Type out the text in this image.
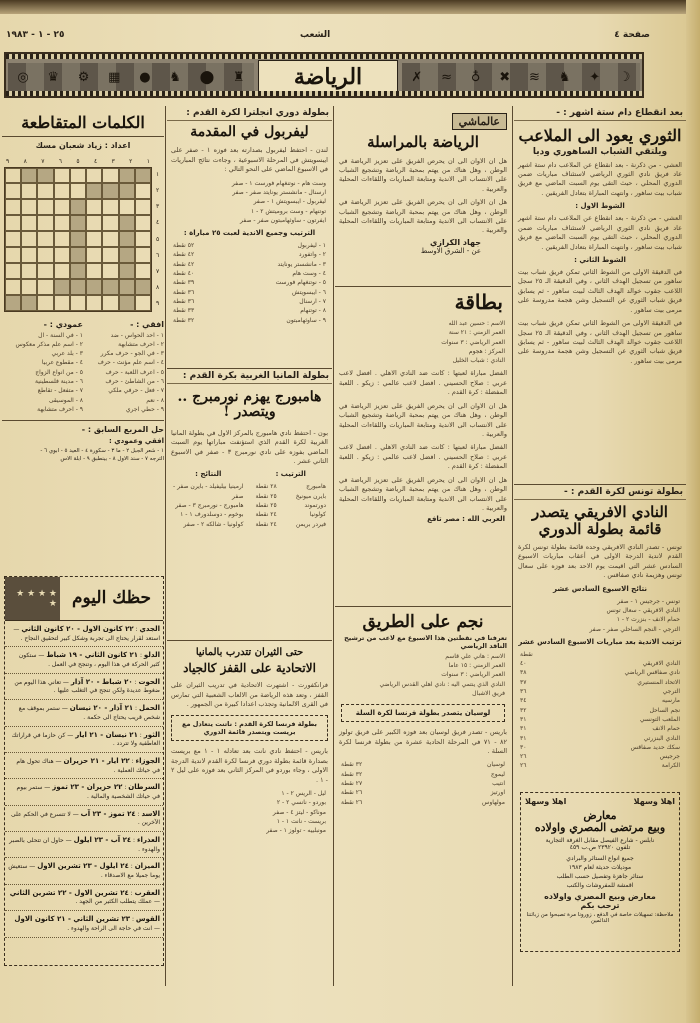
صفحة ٤
الشعب
٢٥ - ١ - ١٩٨٣
◎ ♛ ⚙ ▦ ● ♞ ⬤ ♜	الرياضة	✗ ≈ ♁ ✖ ≋ ♞ ✦ ☽
بعد انقطاع دام ستة اشهر : -
الثوري يعود الى الملاعب
ويلتقي الشباب الساهوري وديا
العشي - من ذكرنة - بعد انقطاع عن الملاعب دام ستة اشهر عاد فريق نادي الثوري الرياضي لاستئناف مباريات ضمن الدوري المحلي ، حيث التقى يوم السبت الماضي مع فريق شباب بيت ساهور ، وانتهت المباراة بتعادل الفريقين .
الشوط الاول :
العشي - من ذكرنة - بعد انقطاع عن الملاعب دام ستة اشهر عاد فريق نادي الثوري الرياضي لاستئناف مباريات ضمن الدوري المحلي ، حيث التقى يوم السبت الماضي مع فريق شباب بيت ساهور ، وانتهت المباراة بتعادل الفريقين .
الشوط الثاني :
في الدقيقة الاولى من الشوط الثاني تمكن فريق شباب بيت ساهور من تسجيل الهدف الثاني ، وفي الدقيقة الـ ٢٥ سجل اللاعب جقوب خوالد الهدف الثالث لبيت ساهور - ثم يسابق فريق شباب الثوري عن التسجيل وشن هجمة مدروسة على مرمى بيت ساهور .
في الدقيقة الاولى من الشوط الثاني تمكن فريق شباب بيت ساهور من تسجيل الهدف الثاني ، وفي الدقيقة الـ ٢٥ سجل اللاعب جقوب خوالد الهدف الثالث لبيت ساهور - ثم يسابق فريق شباب الثوري عن التسجيل وشن هجمة مدروسة على مرمى بيت ساهور .
بطولة تونس لكرة القدم : -
النادي الافريقي يتصدر قائمة بطولة الدوري
تونس - تصدر النادي الافريقي وحده قائمة بطولة تونس لكرة القدم لاندية الدرجة الاولى في أعقاب مباريات الاسبوع السادس عشر التي اقيمت يوم الاحد بعد فوزه على سعال تونس وهزيمة نادي صفاقس .
نتائج الاسبوع السادس عشر
تونس - جرجيس ١ - صفر
النادي الافريقي - سعال تونس
حمام الانف - بنزرت ٢ - ١
الترجي - النجم الساحلي صفر - صفر
ترتيب الاندية بعد مباريات الاسبوع السادس عشر
نقطة
النادي الافريقي
٤٠
نادي صفاقس الرياضي
٣٨
الاتحاد المنستيري
٣٧
الترجي
٣٦
مارسيه
٣٤
نجم الساحل
٣٢
الملعب التونسي
٣١
حمام الانف
٣١
النادي البنزرتي
٣١
سكك حديد صفاقس
٣٠
جرجيس
٢٦
الكرامة
٢٦
اهلا وسهلا
اهلا وسهلا
معارض
وبيع مرتضى المصري واولاده
نابلس - شارع الفيصل مقابل الغرفة التجارية
تلفون ٢٣٩٢٠ ص.ب ٤٥٩
جميع انواع الستائر والبرادي
موديلات حديثة لعام ١٩٨٣
ستائر جاهزة وتفصيل حسب الطلب
اقمشة للمفروشات والكنب
معارض وبيع المصري واولاده
ترحب بكم
ملاحظة: تسهيلات خاصة في الدفع ، زورونا مرة تصبحوا من زبائننا الدائمين
عالماشي
الرياضة بالمراسلة
هل ان الاوان الى ان يحرص الفريق على تعزيز الرياضة في الوطن ، وهل هناك من يهتم بمحبة الرياضة وتشجيع الشباب على الانتساب الى الاندية ومتابعة المباريات واللقاءات المحلية والعربية .
هل ان الاوان الى ان يحرص الفريق على تعزيز الرياضة في الوطن ، وهل هناك من يهتم بمحبة الرياضة وتشجيع الشباب على الانتساب الى الاندية ومتابعة المباريات واللقاءات المحلية والعربية .
جهاد الكرازي
عن - الشرق الاوسط
بطاقة
الاسم : حسين عبد الله
العمر الزمني : ٢١ سنة
العمر الرياضي : ٣ سنوات
المركز : هجوم
النادي : شباب الخليل
الفضل مباراة لعبتها : كانت ضد النادي الاهلي . افضل لاعب عربي : صلاح الحسيني . افضل لاعب عالمي : زيكو . اللعبة المفضلة : كرة القدم .
هل ان الاوان الى ان يحرص الفريق على تعزيز الرياضة في الوطن ، وهل هناك من يهتم بمحبة الرياضة وتشجيع الشباب على الانتساب الى الاندية ومتابعة المباريات واللقاءات المحلية والعربية .
الفضل مباراة لعبتها : كانت ضد النادي الاهلي . افضل لاعب عربي : صلاح الحسيني . افضل لاعب عالمي : زيكو . اللعبة المفضلة : كرة القدم .
هل ان الاوان الى ان يحرص الفريق على تعزيز الرياضة في الوطن ، وهل هناك من يهتم بمحبة الرياضة وتشجيع الشباب على الانتساب الى الاندية ومتابعة المباريات واللقاءات المحلية والعربية .
العربي الله : مصر تافع
نجم على الطريق
تعرفنا في نقطتين هذا الاسبوع مع لاعب من ترشيح الناقد الرياضي
الاسم : هاني علي قاسم
العمر الزمني : ١٥ عاما
العمر الرياضي : ٣ سنوات
النادي الذي ينتمي اليه : نادي اهلي القدس الرياضي
فريق الاشبال
لوسيان يتصدر بطولة فرنسا لكرة السلة
باريس - تصدر فريق لوسيان بعد فوزه الكبير على فريق تولوز ٨٢ - ٧١ في المرحلة الحادية عشرة من بطولة فرنسا لكرة السلة .
لوسيان
٣٢ نقطة
ليموج
٣٢ نقطة
انتيب
٢٧ نقطة
اورتيز
٢٦ نقطة
مولهاوس
٢٦ نقطة
بطولة دوري انجلترا لكرة القدم :
ليفربول في المقدمة
لندن - احتفظ ليفربول بصدارته بعد فوزه ١ - صفر على ايبسويتش في المرحلة الاسبوعية ، وجاءت نتائج المباريات في الاسبوع الماضي على النحو التالي :
وست هام - نوتنغهام فورست ١ - صفر
ارسنال - مانشستر يونايتد صفر - صفر
ليفربول - ايبسويتش ١ - صفر
توتنهام - وست بروميتش ٢ - ١
ايفرتون - ساوثهامبتون صفر - صفر
الترتيب وجميع الاندية لعبت ٢٥ مباراة :
١ - ليفربول
٥٢ نقطة
٢ - واتفورد
٤٢ نقطة
٣ - مانشستر يونايتد
٤٢ نقطة
٤ - وست هام
٤٠ نقطة
٥ - نوتنغهام فورست
٣٩ نقطة
٦ - ايبسويتش
٣٦ نقطة
٧ - ارسنال
٣٦ نقطة
٨ - توتنهام
٣٣ نقطة
٩ - ساوثهامبتون
٣٢ نقطة
بطولة المانيا الغربية بكرة القدم :
هامبورج يهزم نورمبرج .. ويتصدر !
بون - احتفظ نادي هامبورج بالمركز الاول في بطولة المانيا الغربية لكرة القدم الذي استؤنفت مباراتها يوم السبت الماضي بفوزه على نادي نورمبرج ٣ - صفر في الاسبوع الثاني عشر .
الترتيب :
هامبورج
٢٨ نقطة
بايرن ميونيخ
٢٥ نقطة
دورتموند
٢٥ نقطة
كولونيا
٢٤ نقطة
فيردر بريمن
٢٤ نقطة
النتائج :
ارمينيا بيليفيلد - بايرن صفر - صفر
هامبورج - نورمبرج ٣ - صفر
بوخوم - دوسلدورف ١ - ١
كولونيا - شالكه ٢ - صفر
حتى الثيران تتدرب بالمانيا
الاتحادية على القفز كالجياد
فرانكفورت - اشتهرت الاتحادية في تدريب الثيران على القفز ، وتعد هذه الرياضة من الالعاب الشعبية التي تمارس في القرى الالمانية وتجذب اعدادا كبيرة من الجمهور .
بطولة فرنسا لكرة القدم : ناتنت يتعادل مع بريست ويتصدر قائمة الدوري
باريس - احتفظ نادي نانت بعد تعادله ١ - ١ مع بريست بصدارة قائمة بطولة دوري فرنسا لكرة القدم لاندية الدرجة الاولى ، وجاء بوردو في المركز الثاني بعد فوزه على ليل ٢ - ١ .
ليل - الريس ٢ - ١
بوردو - نانسي ٢ - ٢
موناكو - ليتز ٤ - صفر
بريست - نانت ١ - ١
مونبلييه - تولوز ١ - صفر
الكلمات المتقاطعة
اعداد : زياد شعبان مسك
١
٢
٣
٤
٥
٦
٧
٨
٩
١
٢
٣
٤
٥
٦
٧
٨
٩
افقي : -
١ - احد الحواس - ضد
٢ - احرف متشابهة
٣ - في الجو - حرف مكرر
٤ - اسم علم مؤنث - حرف
٥ - اعرف اللعبة - حرف
٦ - من الشاطئ - حرف
٧ - فعل - حرفي ملكي
٨ - نعم
٩ - حطي اجري
عمودي : -
١ - في السنة - ال
٢ - اسم علم مذكر معكوس
٣ - بلد عربي
٤ - مقطوع عربيا
٥ - من انواع الزواج
٦ - مدينة فلسطينية
٧ - متفعل - تقاطع
٨ - الموسيقى
٩ - احرف متشابهة
حل المربع السابق : -
افقي وعمودي :
١ - شعر الجبل ٢ - ما ٣ - سكورة ٤ - العيد ٥ - ابوي ٦ -
الترجه ٧ - سند الاول ٨ - بينطبق ٩ - ابلة الاس
حظك اليوم
★ ★ ★ ★ ★
الجدي : ٢٢ كانون الاول - ٢٠ كانون الثاني — استعد لقرار يحتاج الى تجربة وشكل كبير لتحقيق النجاح .
الدلو : ٢١ كانون الثاني - ١٩ شباط — ستكون كثير الحركة في هذا اليوم ، وتنجح في العمل .
الحوت : ٢٠ شباط - ٢٠ آذار — تعاني هذا اليوم من ضغوط عديدة ولكن تنجح في التغلب عليها .
الحمل : ٢١ آذار - ٢٠ نيسان — ستمر بموقف مع شخص قريب يحتاج الى حكمة .
الثور : ٢١ نيسان - ٢١ ايار — كن حازما في قراراتك العاطفية ولا تتردد .
الجوزاء : ٢٢ ايار - ٢١ حزيران — هناك تحول هام في حياتك العملية .
السرطان : ٢٢ حزيران - ٢٣ تموز — ستمر بيوم في حياتك الشخصية والمالية .
الاسد : ٢٤ تموز - ٢٣ آب — لا تتسرع في الحكم على الآخرين .
العذراء : ٢٤ آب - ٢٣ ايلول — حاول ان تتحلى بالصبر والهدوء .
الميزان : ٢٤ ايلول - ٢٣ تشرين الاول — ستعيش يوما جميلا مع الاصدقاء .
العقرب : ٢٤ تشرين الاول - ٢٢ تشرين الثاني — عملك يتطلب الكثير من الجهد .
القوس : ٢٣ تشرين الثاني - ٢١ كانون الاول — انت في حاجة الى الراحة والهدوء .
